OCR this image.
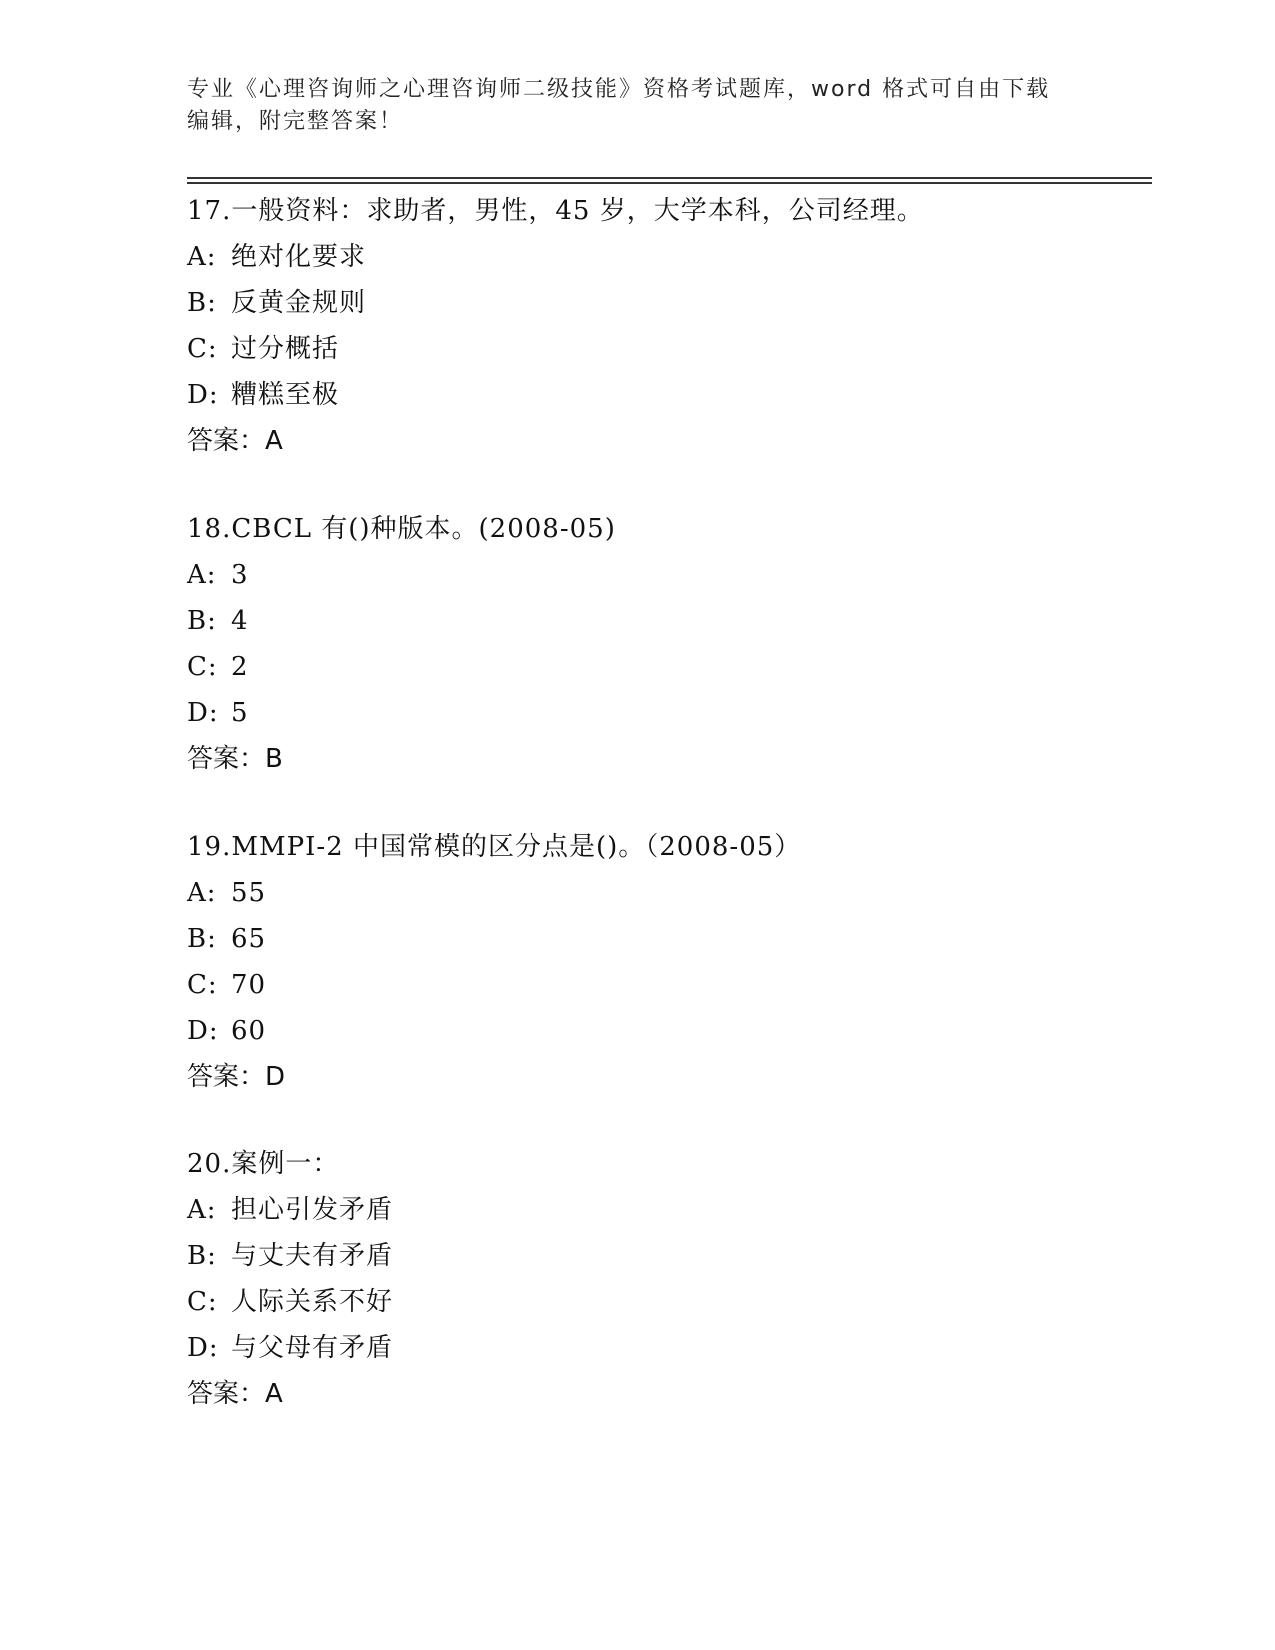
专业《心理咨询师之心理咨询师二级技能》资格考试题库，word 格式可自由下载
编辑，附完整答案！
17.一般资料：求助者，男性，45 岁，大学本科，公司经理。
A: 绝对化要求
B: 反黄金规则
C: 过分概括
D: 糟糕至极
答案：A
18.CBCL 有()种版本。(2008-05)
A: 3
B: 4
C: 2
D: 5
答案：B
19.MMPI-2 中国常模的区分点是()。（2008-05）
A: 55
B: 65
C: 70
D: 60
答案：D
20.案例一：
A: 担心引发矛盾
B: 与丈夫有矛盾
C: 人际关系不好
D: 与父母有矛盾
答案：A
